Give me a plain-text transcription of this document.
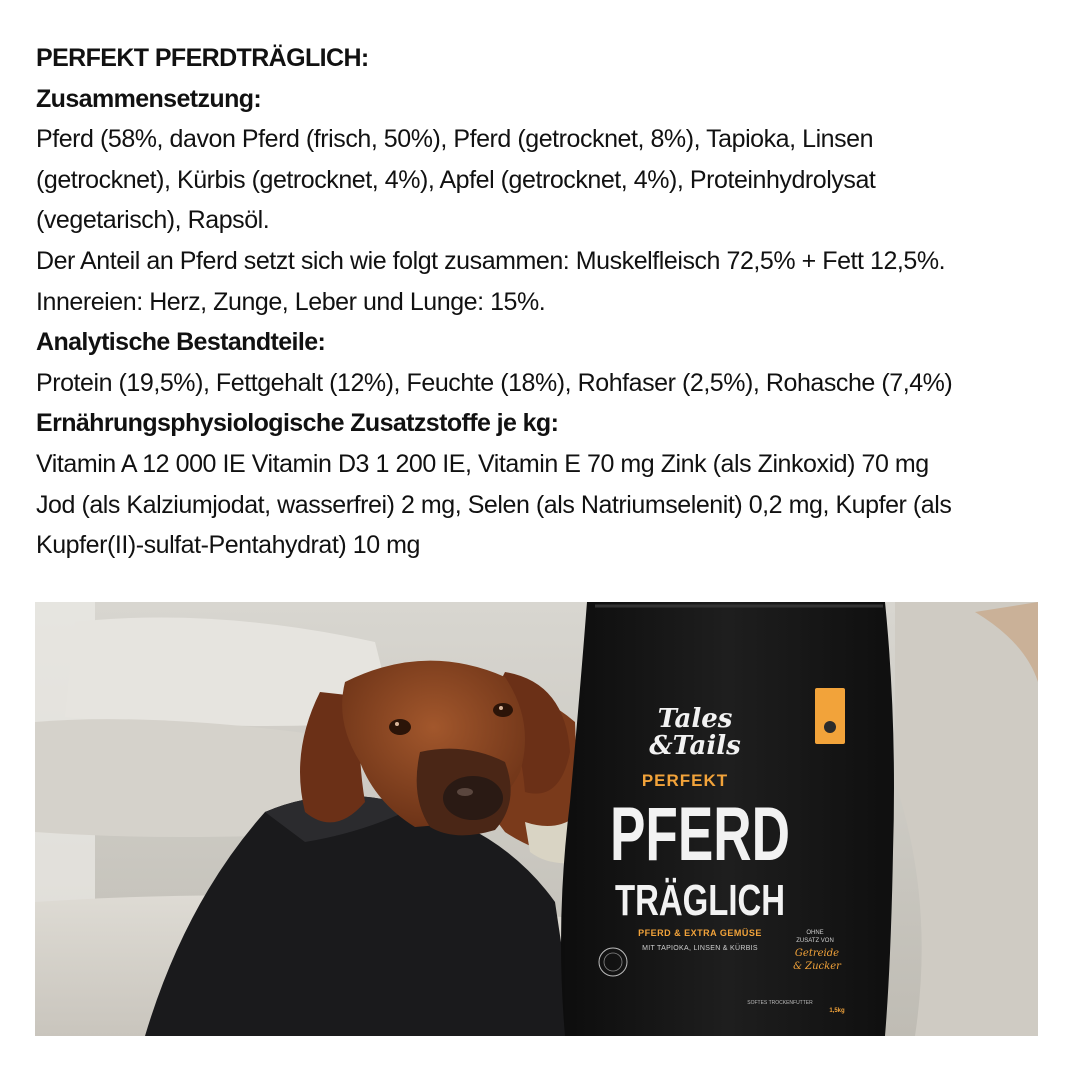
PERFEKT PFERDTRÄGLICH:

Zusammensetzung:

Pferd (58%, davon Pferd (frisch, 50%), Pferd (getrocknet, 8%), Tapioka, Linsen

(getrocknet), Kürbis (getrocknet, 4%), Apfel (getrocknet, 4%), Proteinhydrolysat

(vegetarisch), Rapsöl.

Der Anteil an Pferd setzt sich wie folgt zusammen: Muskelfleisch 72,5% + Fett 12,5%.

Innereien: Herz, Zunge, Leber und Lunge: 15%.

Analytische Bestandteile:

Protein (19,5%), Fettgehalt (12%), Feuchte (18%), Rohfaser (2,5%), Rohasche (7,4%)

Ernährungsphysiologische Zusatzstoffe je kg:

Vitamin A 12 000 IE Vitamin D3 1 200 IE, Vitamin E 70 mg Zink (als Zinkoxid) 70 mg

Jod (als Kalziumjodat, wasserfrei) 2 mg, Selen (als Natriumselenit) 0,2 mg, Kupfer (als

Kupfer(II)-sulfat-Pentahydrat) 10 mg

Tales
&Tails
PERFEKT
PFERD
TRÄGLICH
PFERD & EXTRA GEMÜSE
MIT TAPIOKA, LINSEN & KÜRBIS
OHNE
ZUSATZ VON
Getreide
& Zucker
SOFTES TROCKENFUTTER
1,5kg
